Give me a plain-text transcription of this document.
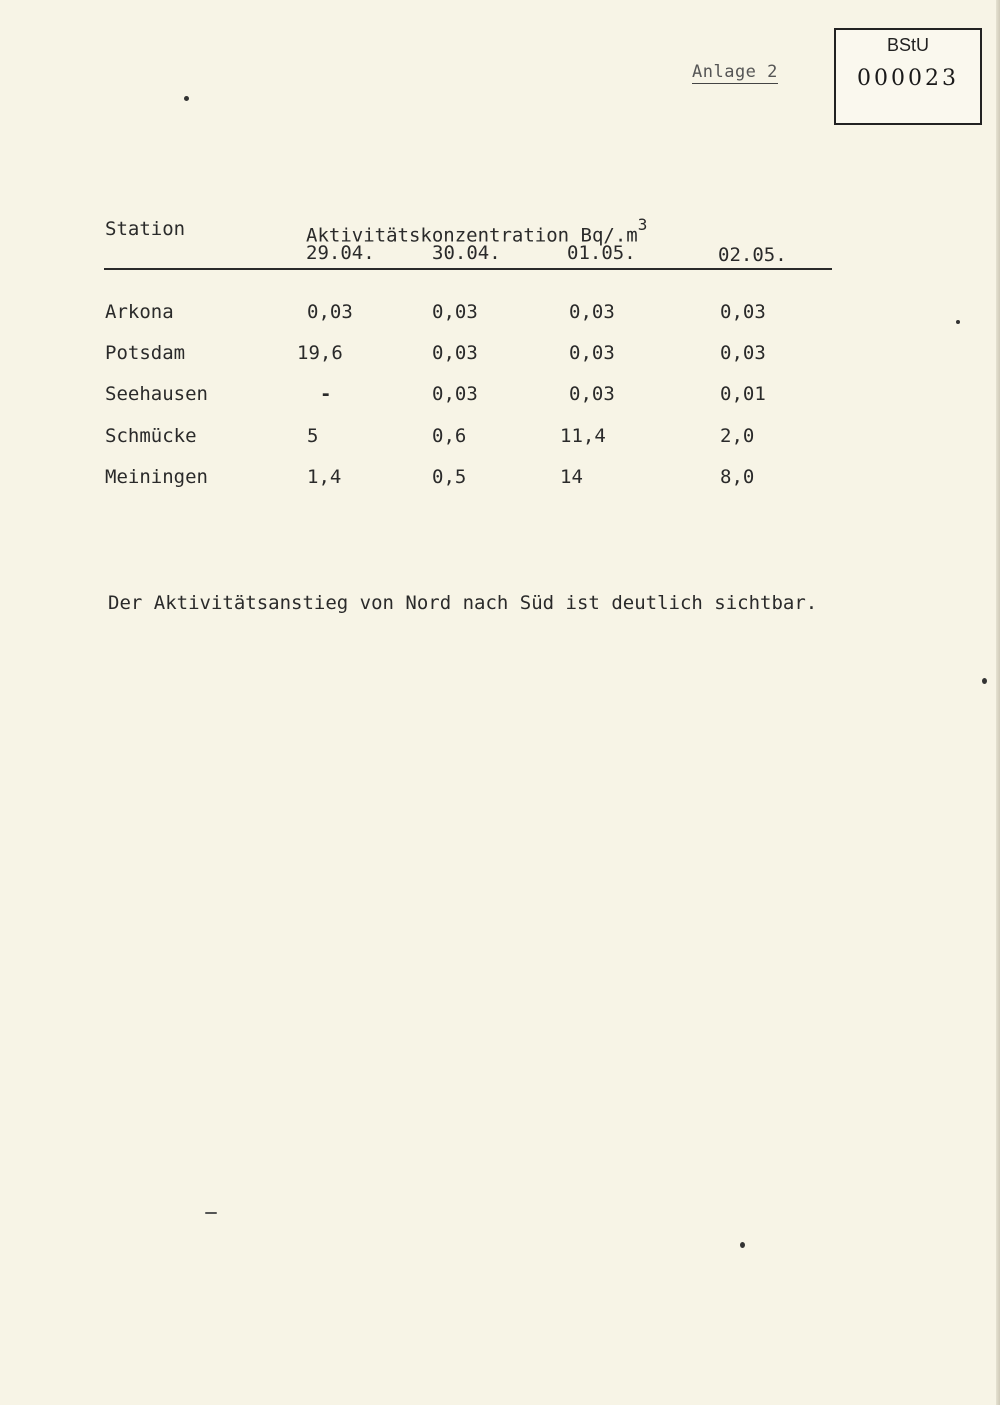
Anlage 2
BStU
000023
Station	Aktivitätskonzentration $Bq/.m^3$
29.04.	30.04.	01.05.	02.05.
Arkona	0,03	0,03	0,03	0,03
Potsdam	19,6	0,03	0,03	0,03
Seehausen	-	0,03	0,03	0,01
Schmücke	5	0,6	11,4	2,0
Meiningen	1,4	0,5	14	8,0
Der Aktivitätsanstieg von Nord nach Süd ist deutlich sichtbar.
